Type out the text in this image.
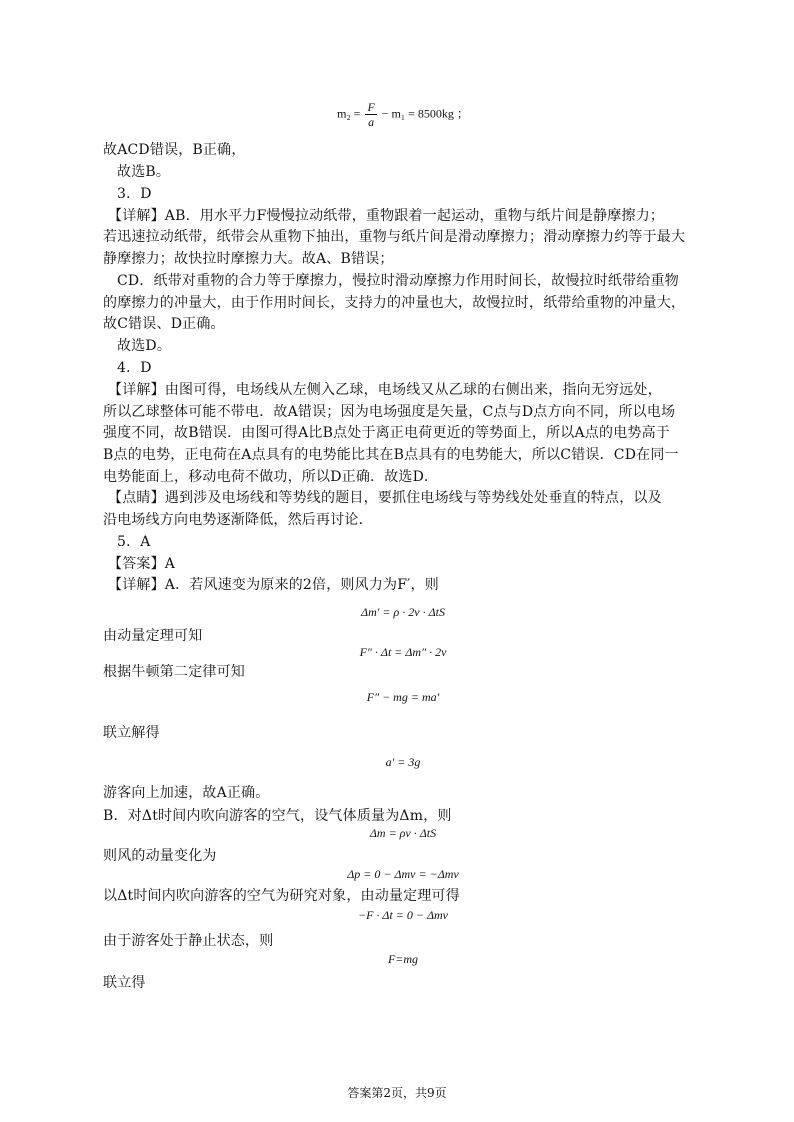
$m_2 = \frac{F}{a} - m_1 = 8500kg$ ；
故ACD错误，B正确，
故选B。
3．D
【详解】AB．用水平力F慢慢拉动纸带，重物跟着一起运动，重物与纸片间是静摩擦力；
若迅速拉动纸带，纸带会从重物下抽出，重物与纸片间是滑动摩擦力；滑动摩擦力约等于最大
静摩擦力；故快拉时摩擦力大。故A、B错误；
CD．纸带对重物的合力等于摩擦力，慢拉时滑动摩擦力作用时间长，故慢拉时纸带给重物
的摩擦力的冲量大，由于作用时间长，支持力的冲量也大，故慢拉时，纸带给重物的冲量大，
故C错误、D正确。
故选D。
4．D
【详解】由图可得，电场线从左侧入乙球，电场线又从乙球的右侧出来，指向无穷远处，
所以乙球整体可能不带电．故A错误；因为电场强度是矢量，C点与D点方向不同，所以电场
强度不同，故B错误．由图可得A比B点处于离正电荷更近的等势面上，所以A点的电势高于
B点的电势，正电荷在A点具有的电势能比其在B点具有的电势能大，所以C错误．CD在同一
电势能面上，移动电荷不做功，所以D正确．故选D．
【点睛】遇到涉及电场线和等势线的题目，要抓住电场线与等势线处处垂直的特点，以及
沿电场线方向电势逐渐降低，然后再讨论．
5．A
【答案】A
【详解】A．若风速变为原来的2倍，则风力为F′，则
Δm′ = ρ · 2v · ΔtS
由动量定理可知
F″ · Δt = Δm″ · 2v
根据牛顿第二定律可知
F″ − mg = ma′
联立解得
a′ = 3g
游客向上加速，故A正确。
B．对Δt时间内吹向游客的空气，设气体质量为Δm，则
Δm = ρv · ΔtS
则风的动量变化为
Δp = 0 − Δmv = −Δmv
以Δt时间内吹向游客的空气为研究对象，由动量定理可得
−F · Δt = 0 − Δmv
由于游客处于静止状态，则
F=mg
联立得
答案第2页，共9页
